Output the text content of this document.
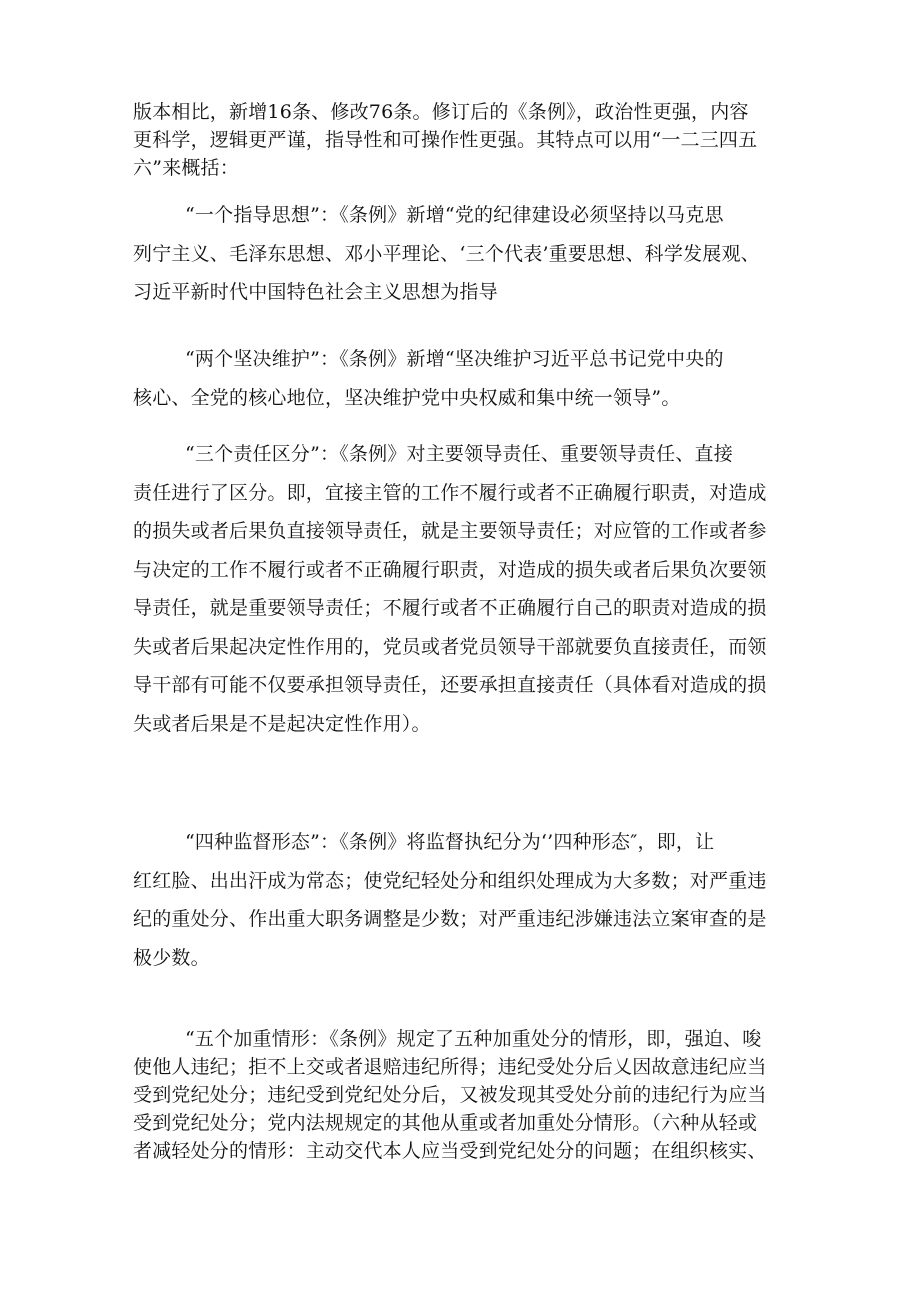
版本相比，新增16条、修改76条。修订后的《条例》，政治性更强，内容
更科学，逻辑更严谨，指导性和可操作性更强。其特点可以用“一二三四五
六”来概括：
“一个指导思想”：《条例》新增“党的纪律建设必须坚持以马克思
列宁主义、毛泽东思想、邓小平理论、‘三个代表’重要思想、科学发展观、
习近平新时代中国特色社会主义思想为指导
“两个坚决维护”：《条例》新增“坚决维护习近平总书记党中央的
核心、全党的核心地位，坚决维护党中央权威和集中统一领导”。
“三个责任区分”：《条例》对主要领导责任、重要领导责任、直接
责任进行了区分。即，宜接主管的工作不履行或者不正确履行职责，对造成
的损失或者后果负直接领导责任，就是主要领导责任；对应管的工作或者参
与决定的工作不履行或者不正确履行职责，对造成的损失或者后果负次要领
导责任，就是重要领导责任；不履行或者不正确履行自己的职责对造成的损
失或者后果起决定性作用的，党员或者党员领导干部就要负直接责任，而领
导干部有可能不仅要承担领导责任，还要承担直接责任（具体看对造成的损
失或者后果是不是起决定性作用）。
“四种监督形态”：《条例》将监督执纪分为‘’四种形态″，即，让
红红脸、出出汗成为常态；使党纪轻处分和组织处理成为大多数；对严重违
纪的重处分、作出重大职务调整是少数；对严重违纪涉嫌违法立案审查的是
极少数。
“五个加重情形：《条例》规定了五种加重处分的情形，即，强迫、唆
使他人违纪；拒不上交或者退赔违纪所得；违纪受处分后乂因故意违纪应当
受到党纪处分；违纪受到党纪处分后，又被发现其受处分前的违纪行为应当
受到党纪处分；党内法规规定的其他从重或者加重处分情形。（六种从轻或
者减轻处分的情形：主动交代本人应当受到党纪处分的问题；在组织核实、
